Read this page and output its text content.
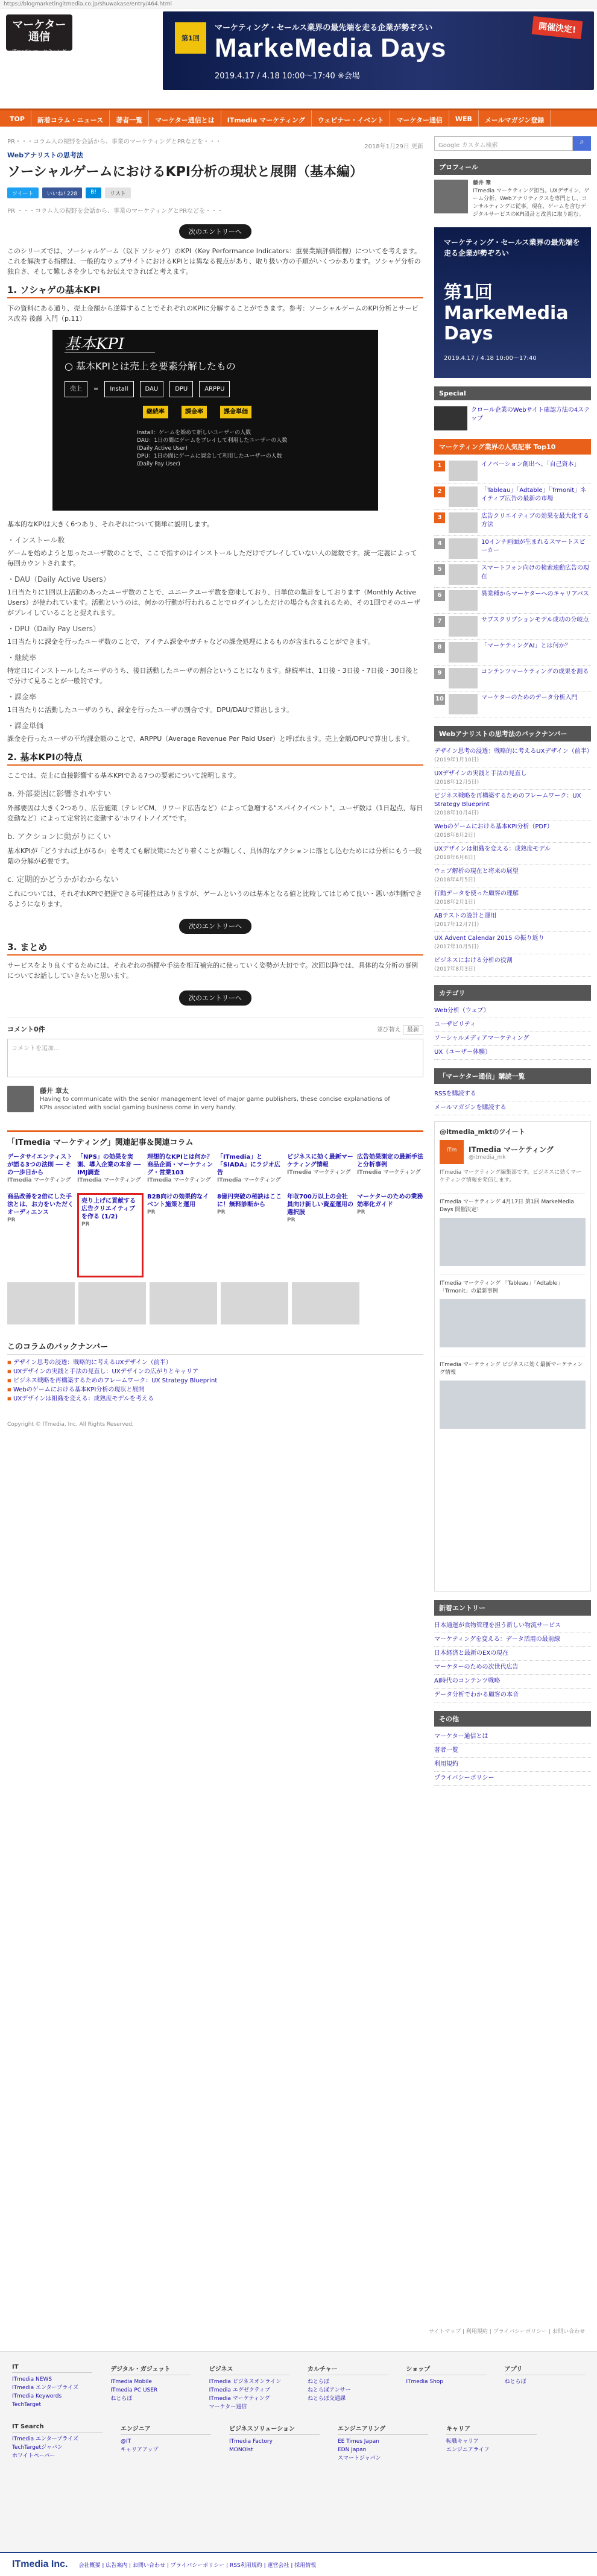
https://blogmarketingitmedia.co.jp/shuwakase/entry/464.html
マーケター
通信
ITmedia マーケティング
第1回
マーケティング・セールス業界の最先端を走る企業が勢ぞろい
MarkeMedia Days
2019.4.17 / 4.18 10:00〜17:40 ※会場
開催決定!
TOP	新着コラム・ニュース	著者一覧	マーケター通信とは	ITmedia マーケティング	ウェビナー・イベント	マーケター通信	WEB	メールマガジン登録
PR・・・コラム人の視野を会話から、事業のマーケティングとPRなどを・・・
2018年1月29日 更新
Webアナリストの思考法
ソーシャルゲームにおけるKPI分析の現状と展開（基本編）
ツイート	いいね! 228	B!	リスト
PR ・・・コラム人の視野を会話から、事業のマーケティングとPRなどを・・・
次のエントリーへ

このシリーズでは、ソーシャルゲーム（以下 ソシャゲ）のKPI（Key Performance Indicators：重要業績評価指標）についてを考えます。これを解決する指標は、一般的なウェブサイトにおけるKPIとは異なる視点があり、取り扱い方の手順がいくつかあります。ソシャゲ分析の独自さ、そして難しさを少しでもお伝えできればと考えます。

1. ソシャゲの基本KPI

下の資料にある通り、売上金額から逆算することでそれぞれのKPIに分解することができます。参考：ソーシャルゲームのKPI分析とサービス改善 後藤 入門（p.11）

基本KPI
○ 基本KPIとは売上を要素分解したもの
売上	=	Install	DAU	DPU	ARPPU
継続率	課金率	課金単価
Install：ゲームを始めて新しいユーザーの人数
DAU：1日の間にゲームをプレイして利用したユーザーの人数
(Daily Active User)
DPU：1日の間にゲームに課金して利用したユーザーの人数
(Daily Pay User)

基本的なKPIは大きく6つあり、それぞれについて簡単に説明します。

・インストール数

ゲームを始めようと思ったユーザ数のことで、ここで指すのはインストールしただけでプレイしていない人の総数です。統一定義によって毎回カウントされます。

・DAU（Daily Active Users）

1日当たりに1回以上活動のあったユーザ数のことで、ユニークユーザ数を意味しており、日単位の集計をしております（Monthly Active Users）が使われています。活動というのは、何かの行動が行われることでログインしただけの場合も含まれるため、その1回でそのユーザがプレイしていることと捉えれます。

・DPU（Daily Pay Users）

1日当たりに課金を行ったユーザ数のことで、アイテム課金やガチャなどの課金処理によるものが含まれることができます。

・継続率

特定日にインストールしたユーザのうち、後日活動したユーザの割合ということになります。継続率は、1日後・3日後・7日後・30日後とで分けて見ることが一般的です。

・課金率

1日当たりに活動したユーザのうち、課金を行ったユーザの割合です。DPU/DAUで算出します。

・課金単価

課金を行ったユーザの平均課金額のことで、ARPPU（Average Revenue Per Paid User）と呼ばれます。売上金額/DPUで算出します。

2. 基本KPIの特点

ここでは、売上に直接影響する基本KPIである7つの要素について説明します。

a. 外部要因に影響されやすい

外部要因は大きく2つあり、広告施策（テレビCM、リワード広告など）によって急増する"スパイクイベント"、ユーザ数は（1日起点、毎日変動など）によって定常的に変動する"ホワイトノイズ"です。

b. アクションに動がりにくい

基本KPIが「どうすれば上がるか」を考えても解決策にたどり着くことが難しく、具体的なアクションに落とし込むためには分析にもう一段階の分解が必要です。

c. 定期的かどうかがわからない

これについては、それぞれKPIで把握できる可能性はありますが、ゲームというのは基本となる値と比較してはじめて良い・悪いが判断できるようになります。

次のエントリーへ
3. まとめ

サービスをより良くするためには、それぞれの指標や手法を相互補完的に使っていく姿勢が大切です。次回以降では、具体的な分析の事例についてお話ししていきたいと思います。

次のエントリーへ
コメント0件	並び替え 最新
コメントを追加...
藤井 章太
Having to communicate with the senior management level of major game publishers, these concise explanations of KPIs associated with social gaming business come in very handy.
「ITmedia マーケティング」関連記事＆関連コラム
データサイエンティストが語る3つの法則 ── その一歩目から
ITmedia マーケティング
「NPS」の効果を実測、導入企業の本音 ── IMJ調査
ITmedia マーケティング
理想的なKPIとは何か？ 商品企画・マーケティング・営業103
ITmedia マーケティング
「ITmedia」と「SIADA」にラジオ広告
ITmedia マーケティング
ビジネスに効く最新マーケティング情報
ITmedia マーケティング
広告効果測定の最新手法と分析事例
ITmedia マーケティング
商品改善を2倍にした手法とは、お力をいただくオーディエンス
PR
売り上げに貢献する広告クリエイティブを作る (1/2)
PR
B2B向けの効果的なイベント施策と運用
PR
8億円突破の秘訣はここに！無料診断から
PR
年収700万以上の会社員向け新しい資産運用の選択肢
PR
マーケターのための業務効率化ガイド
PR
このコラムのバックナンバー
■ デザイン思考の浸透：戦略的に考えるUXデザイン（前半）
■ UXデザインの実践と手法の見直し：UXデザインの広がりとキャリア
■ ビジネス戦略を再構築するためのフレームワーク：UX Strategy Blueprint
■ Webのゲームにおける基本KPI分析の現状と展開
■ UXデザインは組織を変える：成熟度モデルを考える
Copyright © ITmedia, Inc. All Rights Reserved.
Google カスタム検索	⌕
プロフィール
藤井 章
ITmedia マーケティング担当。UXデザイン、ゲーム分析、Webアナリティクスを専門とし、コンサルティングに従事。現在、ゲームを含むデジタルサービスのKPI設計と改善に取り組む。
マーケティング・セールス業界の最先端を走る企業が勢ぞろい
第1回 MarkeMedia Days
2019.4.17 / 4.18 10:00〜17:40
Special
クロール企業のWebサイト確認方法の4ステップ
マーケティング業界の人気記事 Top10
1	イノベーション創出へ、「自己資本」
2	「Tableau」「Adtable」「Trmonit」ネイティブ広告の最新の市場
3	広告クリエイティブの効果を最大化する方法
4	10インチ画面が生まれるスマートスピーカー
5	スマートフォン向けの検索連動広告の現在
6	異業種からマーケターへのキャリアパス
7	サブスクリプションモデル成功の分岐点
8	「マーケティングAI」とは何か？
9	コンテンツマーケティングの成果を測る
10	マーケターのためのデータ分析入門
Webアナリストの思考法のバックナンバー
デザイン思考の浸透：戦略的に考えるUXデザイン（前半）
(2019年1月10日)
UXデザインの実践と手法の見直し
(2018年12月5日)
ビジネス戦略を再構築するためのフレームワーク：UX Strategy Blueprint
(2018年10月4日)
Webのゲームにおける基本KPI分析（PDF）
(2018年8月2日)
UXデザインは組織を変える：成熟度モデル
(2018年6月6日)
ウェブ解析の現在と将来の展望
(2018年4月5日)
行動データを使った顧客の理解
(2018年2月1日)
ABテストの設計と運用
(2017年12月7日)
UX Advent Calendar 2015 の振り返り
(2017年10月5日)
ビジネスにおける分析の役割
(2017年8月3日)
カテゴリ
Web分析（ウェブ）
ユーザビリティ
ソーシャルメディアマーケティング
UX（ユーザー体験）
「マーケター通信」購読一覧
RSSを購読する
メールマガジンを購読する
@itmedia_mktのツイート
ITm	ITmedia マーケティング
@itmedia_mk
ITmedia マーケティング編集部です。ビジネスに効くマーケティング情報を発信します。
ITmedia マーケティング 4月17日 第1回 MarkeMedia Days 開催決定！
ITmedia マーケティング 「Tableau」「Adtable」「Trmonit」の最新事例
ITmedia マーケティング ビジネスに効く最新マーケティング情報
新着エントリー
日本通運が食物管理を担う新しい物流サービス
マーケティングを変える：データ活用の最前線
日本経済と最新のEXの現在
マーケターのための次世代広告
AI時代のコンテンツ戦略
データ分析でわかる顧客の本音
その他
マーケター通信とは
著者一覧
利用規約
プライバシーポリシー
サイトマップ | 利用規約 | プライバシーポリシー | お問い合わせ
IT
ITmedia NEWS
ITmedia エンタープライズ
ITmedia Keywords
TechTarget
デジタル・ガジェット
ITmedia Mobile
ITmedia PC USER
ねとらぼ
ビジネス
ITmedia ビジネスオンライン
ITmedia エグゼクティブ
ITmedia マーケティング
マーケター通信
カルチャー
ねとらぼ
ねとらぼアンサー
ねとらぼ交通課
ショップ
ITmedia Shop
アプリ
ねとらぼ
IT Search
ITmedia エンタープライズ
TechTargetジャパン
ホワイトペーパー
エンジニア
@IT
キャリアアップ
ビジネスソリューション
ITmedia Factory
MONOist
エンジニアリング
EE Times Japan
EDN Japan
スマートジャパン
キャリア
転職キャリア
エンジニアライフ
ITmedia Inc. 会社概要 | 広告案内 | お問い合わせ | プライバシーポリシー | RSS利用規約 | 運営会社 | 採用情報
